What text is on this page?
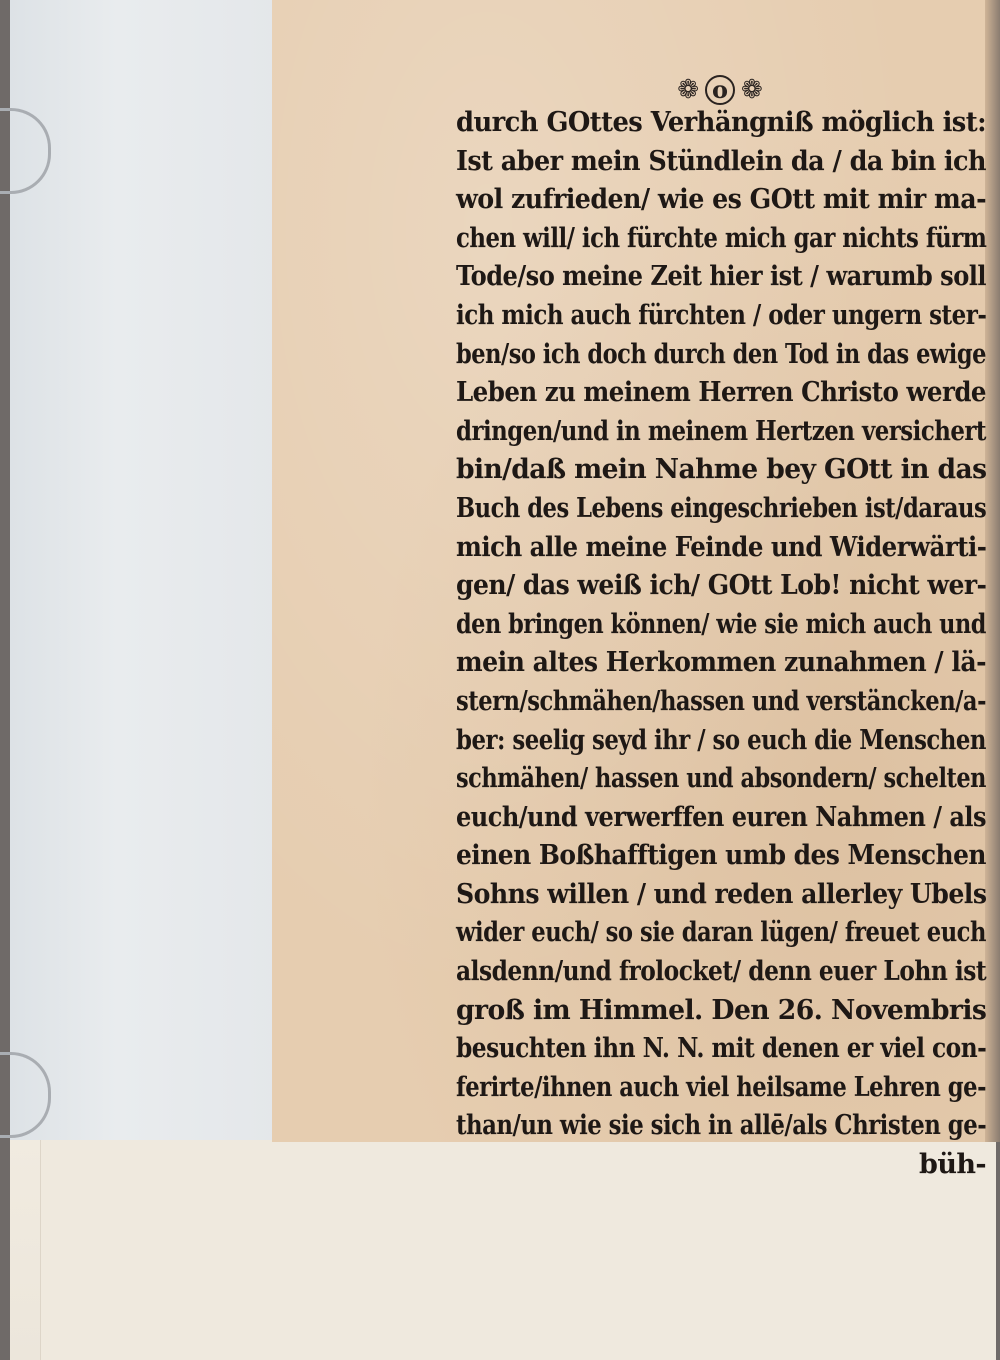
❁ o ❁
durch GOttes Verhängniß möglich ist:
Ist aber mein Stündlein da / da bin ich
wol zufrieden/ wie es GOtt mit mir ma-
chen will/ ich fürchte mich gar nichts fürm
Tode/so meine Zeit hier ist / warumb soll
ich mich auch fürchten / oder ungern ster-
ben/so ich doch durch den Tod in das ewige
Leben zu meinem Herren Christo werde
dringen/und in meinem Hertzen versichert
bin/daß mein Nahme bey GOtt in das
Buch des Lebens eingeschrieben ist/daraus
mich alle meine Feinde und Widerwärti-
gen/ das weiß ich/ GOtt Lob! nicht wer-
den bringen können/ wie sie mich auch und
mein altes Herkommen zunahmen / lä-
stern/schmähen/hassen und verstäncken/a-
ber: seelig seyd ihr / so euch die Menschen
schmähen/ hassen und absondern/ schelten
euch/und verwerffen euren Nahmen / als
einen Boßhafftigen umb des Menschen
Sohns willen / und reden allerley Ubels
wider euch/ so sie daran lügen/ freuet euch
alsdenn/und frolocket/ denn euer Lohn ist
groß im Himmel. Den 26. Novembris
besuchten ihn N. N. mit denen er viel con-
ferirte/ihnen auch viel heilsame Lehren ge-
than/un wie sie sich in allē/als Christen ge-
büh-
